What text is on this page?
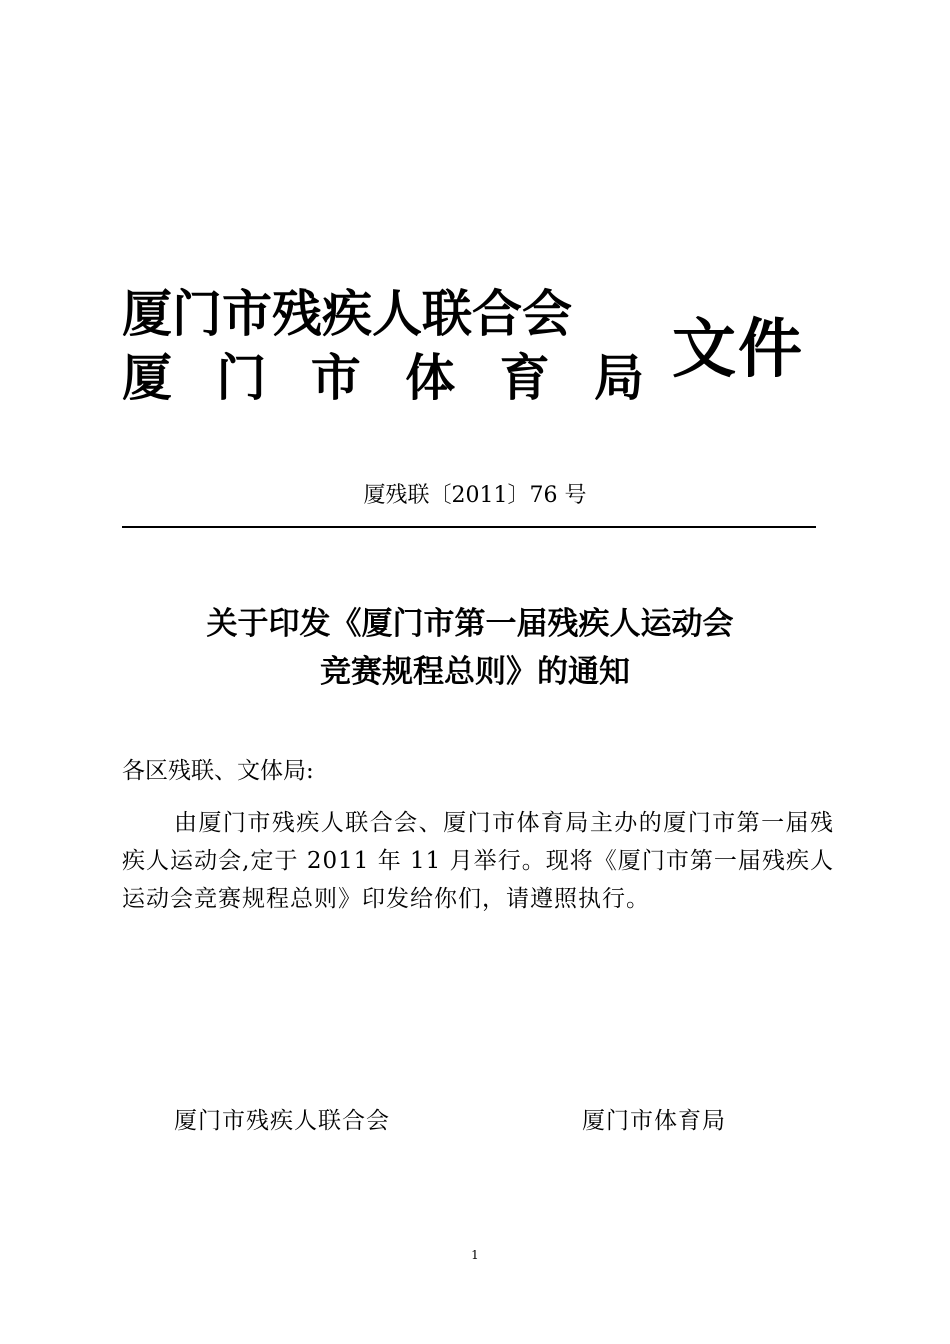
厦门市残疾人联合会
厦 门 市 体 育 局 文件
厦残联〔2011〕76 号
关于印发《厦门市第一届残疾人运动会
竞赛规程总则》的通知
各区残联、文体局:
由厦门市残疾人联合会、厦门市体育局主办的厦门市第一届残疾人运动会,定于 2011 年 11 月举行。现将《厦门市第一届残疾人运动会竞赛规程总则》印发给你们，请遵照执行。
厦门市残疾人联合会	厦门市体育局
1
